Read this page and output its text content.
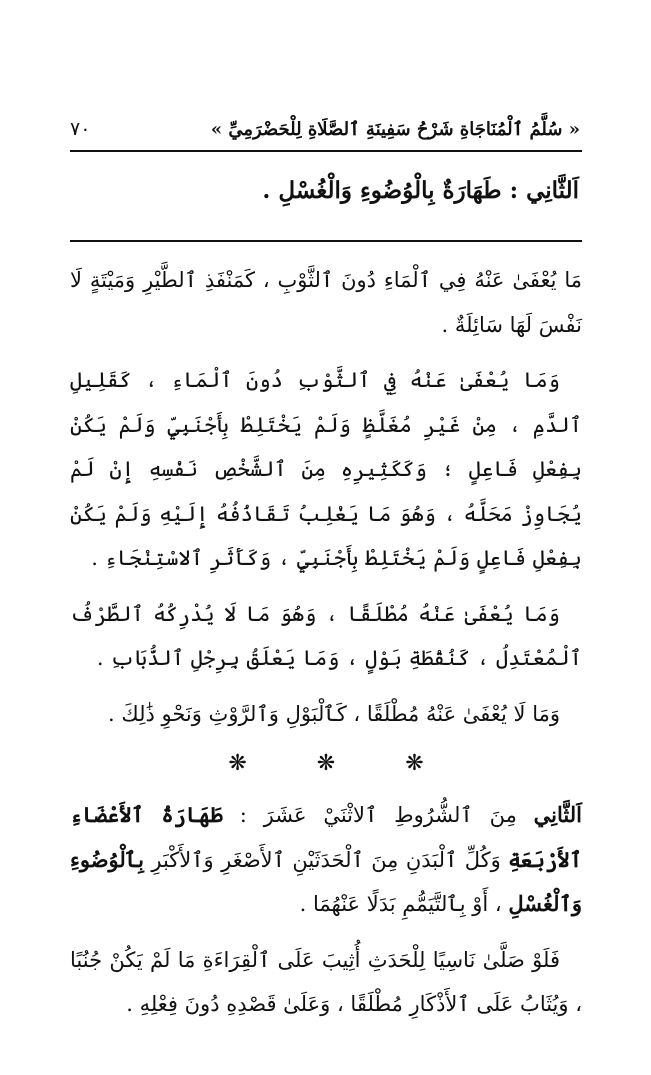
« سُلَّمُ ٱلْمُنَاجَاةِ شَرْحُ سَفِينَةِ ٱلصَّلَاةِ لِلْحَضْرَمِيِّ »
٧٠
اَلثَّانِي : طَهَارَةٌ بِالْوُضُوءِ وَالْغُسْلِ .

مَا يُعْفَىٰ عَنْهُ فِي ٱلْمَاءِ دُونَ ٱلثَّوْبِ ، كَمَنْفَذِ ٱلطَّيْرِ وَمَيْتَةٍ لَا نَفْسَ لَهَا سَائِلَةٌ .

وَمَا يُعْفَىٰ عَنْهُ فِي ٱلثَّوْبِ دُونَ ٱلْمَاءِ ، كَقَلِيلِ ٱلدَّمِ ، مِنْ غَيْرِ مُغَلَّظٍ وَلَمْ يَخْتَلِطْ بِأَجْنَبِيٍّ وَلَمْ يَكُنْ بِفِعْلِ فَاعِلٍ ؛ وَكَكَثِيرِهِ مِنَ ٱلشَّخْصِ نَفْسِهِ إِنْ لَمْ يُجَاوِزْ مَحَلَّهُ ، وَهُوَ مَا يَغْلِبُ تَقَاذُفُهُ إِلَيْهِ وَلَمْ يَكُنْ بِفِعْلِ فَاعِلٍ وَلَمْ يَخْتَلِطْ بِأَجْنَبِيٍّ ، وَكَأَثَرِ ٱلاسْتِنْجَاءِ .

وَمَا يُعْفَىٰ عَنْهُ مُطْلَقًا ، وَهُوَ مَا لَا يُدْرِكُهُ ٱلطَّرْفُ ٱلْمُعْتَدِلُ ، كَنُقْطَةِ بَوْلٍ ، وَمَا يَعْلَقُ بِرِجْلِ ٱلذُّبَابِ .

وَمَا لَا يُعْفَىٰ عَنْهُ مُطْلَقًا ، كَٱلْبَوْلِ وَٱلرَّوْثِ وَنَحْوِ ذَٰلِكَ .

❋	❋	❋

اَلثَّانِي مِنَ ٱلشُّرُوطِ ٱلاثْنَيْ عَشَرَ : طَهَارَةُ ٱلأَعْضَاءِ ٱلأَرْبَعَةِ وَكُلِّ ٱلْبَدَنِ مِنَ ٱلْحَدَثَيْنِ ٱلأَصْغَرِ وَٱلأَكْبَرِ بِٱلْوُضُوءِ وَٱلْغُسْلِ ، أَوْ بِٱلتَّيَمُّمِ بَدَلًا عَنْهُمَا .

فَلَوْ صَلَّىٰ نَاسِيًا لِلْحَدَثِ أُثِيبَ عَلَى ٱلْقِرَاءَةِ مَا لَمْ يَكُنْ جُنُبًا ، وَيُثَابُ عَلَى ٱلأَذْكَارِ مُطْلَقًا ، وَعَلَىٰ قَصْدِهِ دُونَ فِعْلِهِ .
